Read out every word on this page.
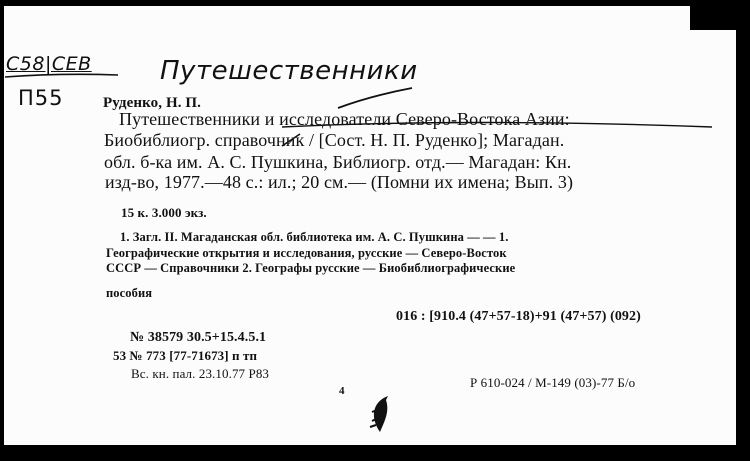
C58|CEB
П55
Путешественники
Руденко, Н. П.
Путешественники и исследователи Северо-Востока Азии:
Биобиблиогр. справочник / [Сост. Н. П. Руденко]; Магадан.
обл. б-ка им. А. С. Пушкина, Библиогр. отд.— Магадан: Кн.
изд-во, 1977.—48 с.: ил.; 20 см.— (Помни их имена; Вып. 3)
15 к. 3.000 экз.
1. Загл. II. Магаданская обл. библиотека им. А. С. Пушкина — — 1.
Географические открытия и исследования, русские — Северо-Восток
СССР — Справочники 2. Географы русские — Биобиблиографические
пособия
016 : [910.4 (47+57-18)+91 (47+57) (092)
№ 38579 30.5+15.4.5.1
53 № 773 [77-71673] п тп
Вс. кн. пал. 23.10.77 Р83
4
Р 610-024 / М-149 (03)-77 Б/о
